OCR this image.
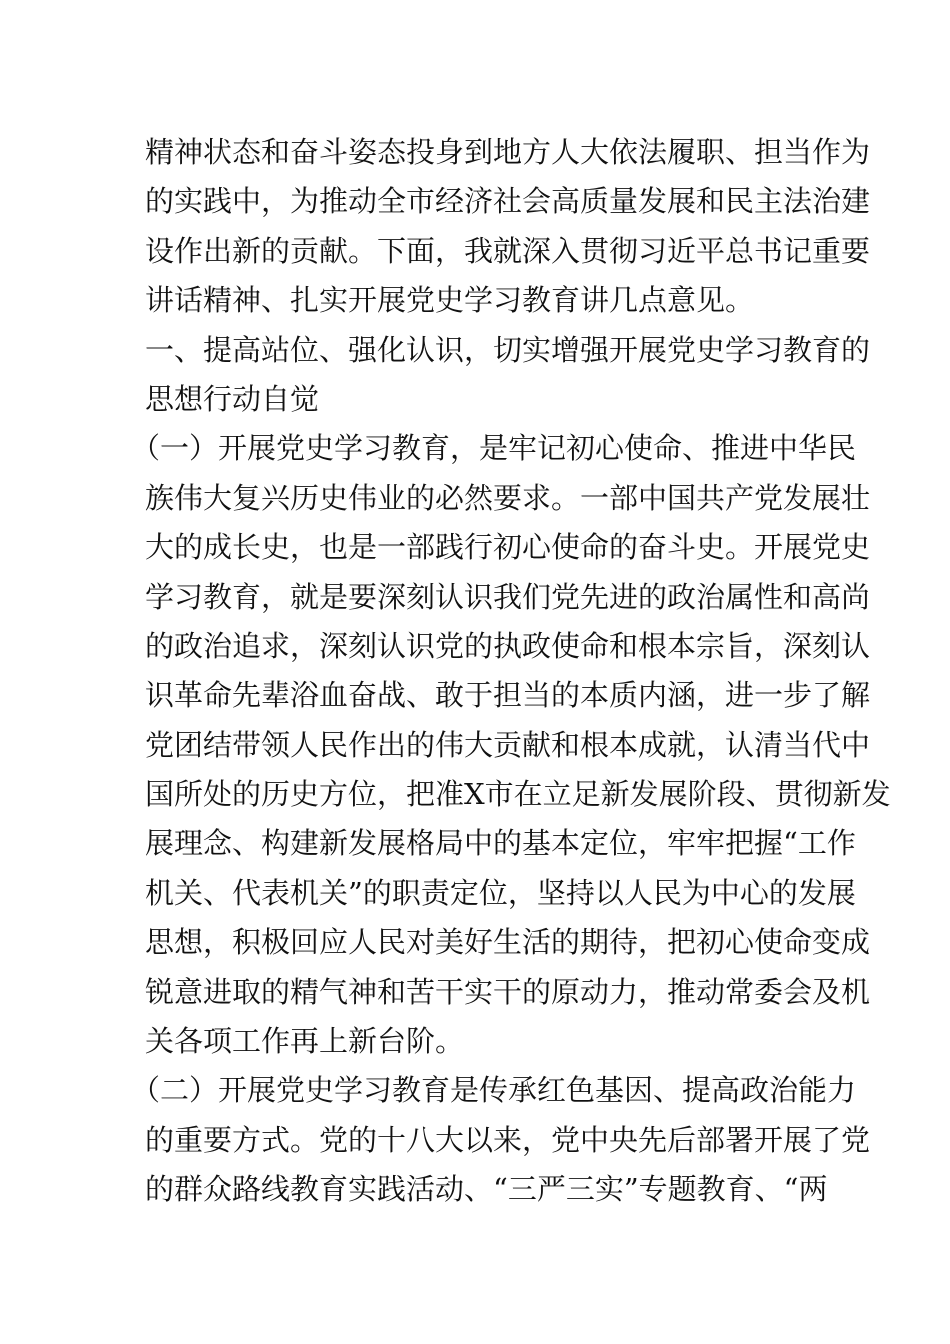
精神状态和奋斗姿态投身到地方人大依法履职、担当作为
的实践中，为推动全市经济社会高质量发展和民主法治建
设作出新的贡献。下面，我就深入贯彻习近平总书记重要
讲话精神、扎实开展党史学习教育讲几点意见。
一、提高站位、强化认识，切实增强开展党史学习教育的
思想行动自觉
（一）开展党史学习教育，是牢记初心使命、推进中华民
族伟大复兴历史伟业的必然要求。一部中国共产党发展壮
大的成长史，也是一部践行初心使命的奋斗史。开展党史
学习教育，就是要深刻认识我们党先进的政治属性和高尚
的政治追求，深刻认识党的执政使命和根本宗旨，深刻认
识革命先辈浴血奋战、敢于担当的本质内涵，进一步了解
党团结带领人民作出的伟大贡献和根本成就，认清当代中
国所处的历史方位，把准X市在立足新发展阶段、贯彻新发
展理念、构建新发展格局中的基本定位，牢牢把握“工作
机关、代表机关”的职责定位，坚持以人民为中心的发展
思想，积极回应人民对美好生活的期待，把初心使命变成
锐意进取的精气神和苦干实干的原动力，推动常委会及机
关各项工作再上新台阶。
（二）开展党史学习教育是传承红色基因、提高政治能力
的重要方式。党的十八大以来，党中央先后部署开展了党
的群众路线教育实践活动、“三严三实”专题教育、“两
